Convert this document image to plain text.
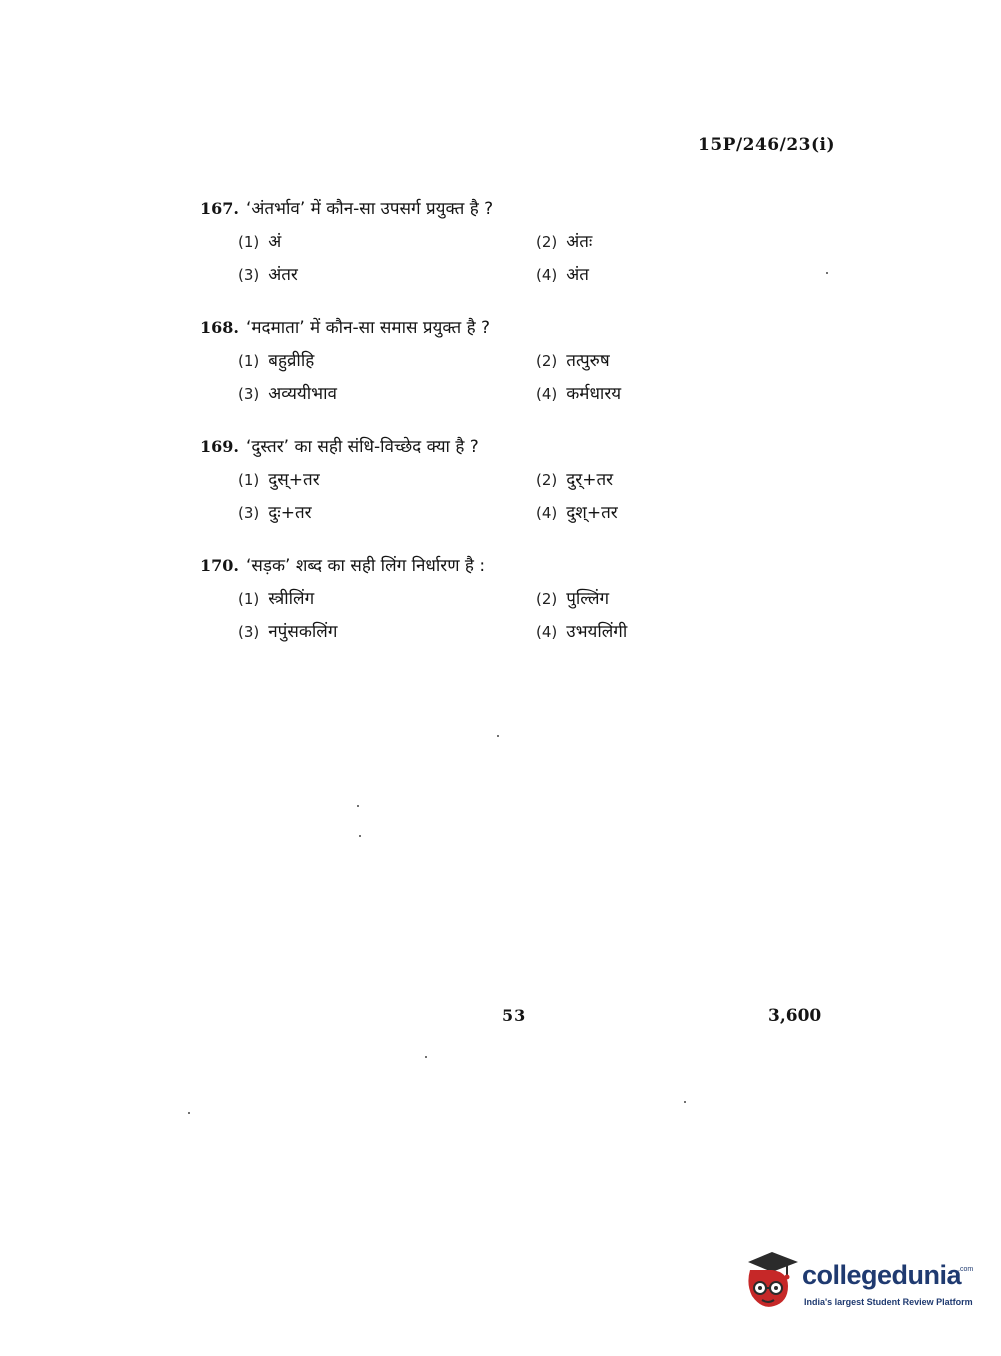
15P/246/23(i)
167. ‘अंतर्भाव’ में कौन-सा उपसर्ग प्रयुक्त है ?
(1) अं	(2) अंतः
(3) अंतर	(4) अंत
168. ‘मदमाता’ में कौन-सा समास प्रयुक्त है ?
(1) बहुव्रीहि	(2) तत्पुरुष
(3) अव्ययीभाव	(4) कर्मधारय
169. ‘दुस्तर’ का सही संधि-विच्छेद क्या है ?
(1) दुस्+तर	(2) दुर्+तर
(3) दुः+तर	(4) दुश्+तर
170. ‘सड़क’ शब्द का सही लिंग निर्धारण है :
(1) स्त्रीलिंग	(2) पुल्लिंग
(3) नपुंसकलिंग	(4) उभयलिंगी
53	3,600
collegedunia
.com
India's largest Student Review Platform
